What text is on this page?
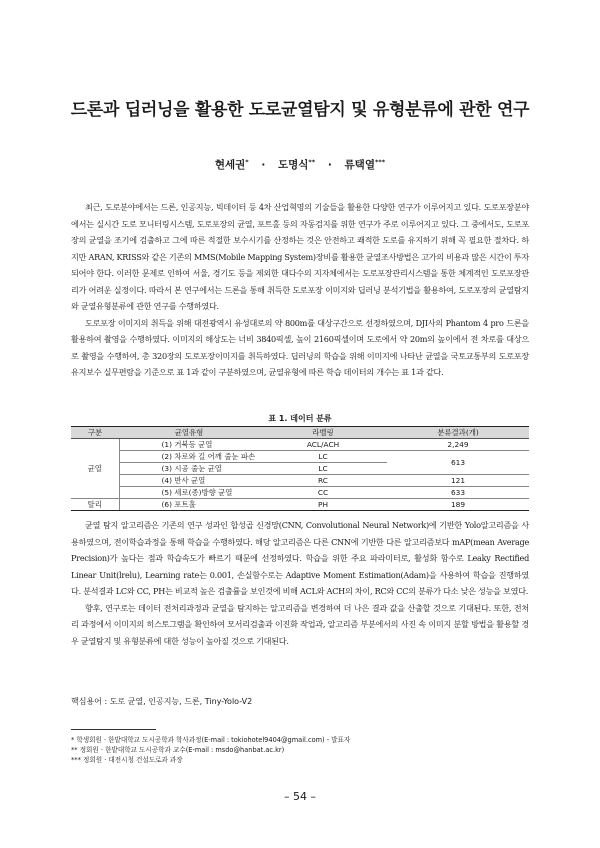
드론과 딥러닝을 활용한 도로균열탐지 및 유형분류에 관한 연구
현세권* · 도명식** · 류택열***

최근, 도로분야에서는 드론, 인공지능, 빅데이터 등 4차 산업혁명의 기술들을 활용한 다양한 연구가 이루어지고 있다. 도로포장분야에서는 실시간 도로 모니터링시스템, 도로포장의 균열, 포트홀 등의 자동검지를 위한 연구가 주로 이루어지고 있다. 그 중에서도, 도로포장의 균열을 조기에 검출하고 그에 따른 적절한 보수시기를 산정하는 것은 안전하고 쾌적한 도로를 유지하기 위해 꼭 필요한 절차다. 하지만 ARAN, KRISS와 같은 기존의 MMS(Mobile Mapping System)장비를 활용한 균열조사방법은 고가의 비용과 많은 시간이 투자되어야 한다. 이러한 문제로 인하여 서울, 경기도 등을 제외한 대다수의 지자체에서는 도로포장관리시스템을 통한 체계적인 도로포장관리가 어려운 실정이다. 따라서 본 연구에서는 드론을 통해 취득한 도로포장 이미지와 딥러닝 분석기법을 활용하여, 도로포장의 균열탐지와 균열유형분류에 관한 연구를 수행하였다.

도로포장 이미지의 취득을 위해 대전광역시 유성대로의 약 800m를 대상구간으로 선정하였으며, DJI사의 Phantom 4 pro 드론을 활용하여 촬영을 수행하였다. 이미지의 해상도는 너비 3840픽셀, 높이 2160픽셀이며 도로에서 약 20m의 높이에서 전 차로를 대상으로 촬영을 수행하여, 총 320장의 도로포장이미지를 취득하였다. 딥러닝의 학습을 위해 이미지에 나타난 균열을 국토교통부의 도로포장 유지보수 실무편람을 기준으로 표 1과 같이 구분하였으며, 균열유형에 따른 학습 데이터의 개수는 표 1과 같다.

표 1. 데이터 분류
구분	균열유형	라벨링	분류결과(개)
균열	(1) 거북등 균열	ACL/ACH	2,249
	(2) 차로와 길 어깨 줄눈 파손	LC	613
	(3) 시공 줄눈 균열	LC	
	(4) 반사 균열	RC	121
	(5) 세로(종)방향 균열	CC	633
탈리	(6) 포트홀	PH	189

균열 탐지 알고리즘은 기존의 연구 성과인 합성곱 신경망(CNN, Convolutional Neural Network)에 기반한 Yolo알고리즘을 사용하였으며, 전이학습과정을 통해 학습을 수행하였다. 해당 알고리즘은 다른 CNN에 기반한 다른 알고리즘보다 mAP(mean Average Precision)가 높다는 점과 학습속도가 빠르기 때문에 선정하였다. 학습을 위한 주요 파라미터로, 활성화 함수로 Leaky Rectified Linear Unit(lrelu), Learning rate는 0.001, 손실함수로는 Adaptive Moment Estimation(Adam)을 사용하여 학습을 진행하였다. 분석결과 LC와 CC, PH는 비교적 높은 검출률을 보인것에 비해 ACL와 ACH의 차이, RC와 CC의 분류가 다소 낮은 성능을 보였다.

향후, 연구로는 데이터 전처리과정과 균열을 탐지하는 알고리즘을 변경하여 더 나은 결과 값을 산출할 것으로 기대된다. 또한, 전처리 과정에서 이미지의 히스토그램을 확인하여 모서리검출과 이진화 작업과, 알고리즘 부분에서의 사진 속 이미지 분할 방법을 활용할 경우 균열탐지 및 유형분류에 대한 성능이 높아질 것으로 기대된다.

핵심용어 : 도로 균열, 인공지능, 드론, Tiny-Yolo-V2
* 학생회원 · 한밭대학교 도시공학과 학사과정(E-mail : tokiohotel9404@gmail.com) - 발표자
** 정회원 · 한밭대학교 도시공학과 교수(E-mail : msdo@hanbat.ac.kr)
*** 정회원 · 대전시청 건설도로과 과장
– 54 –
